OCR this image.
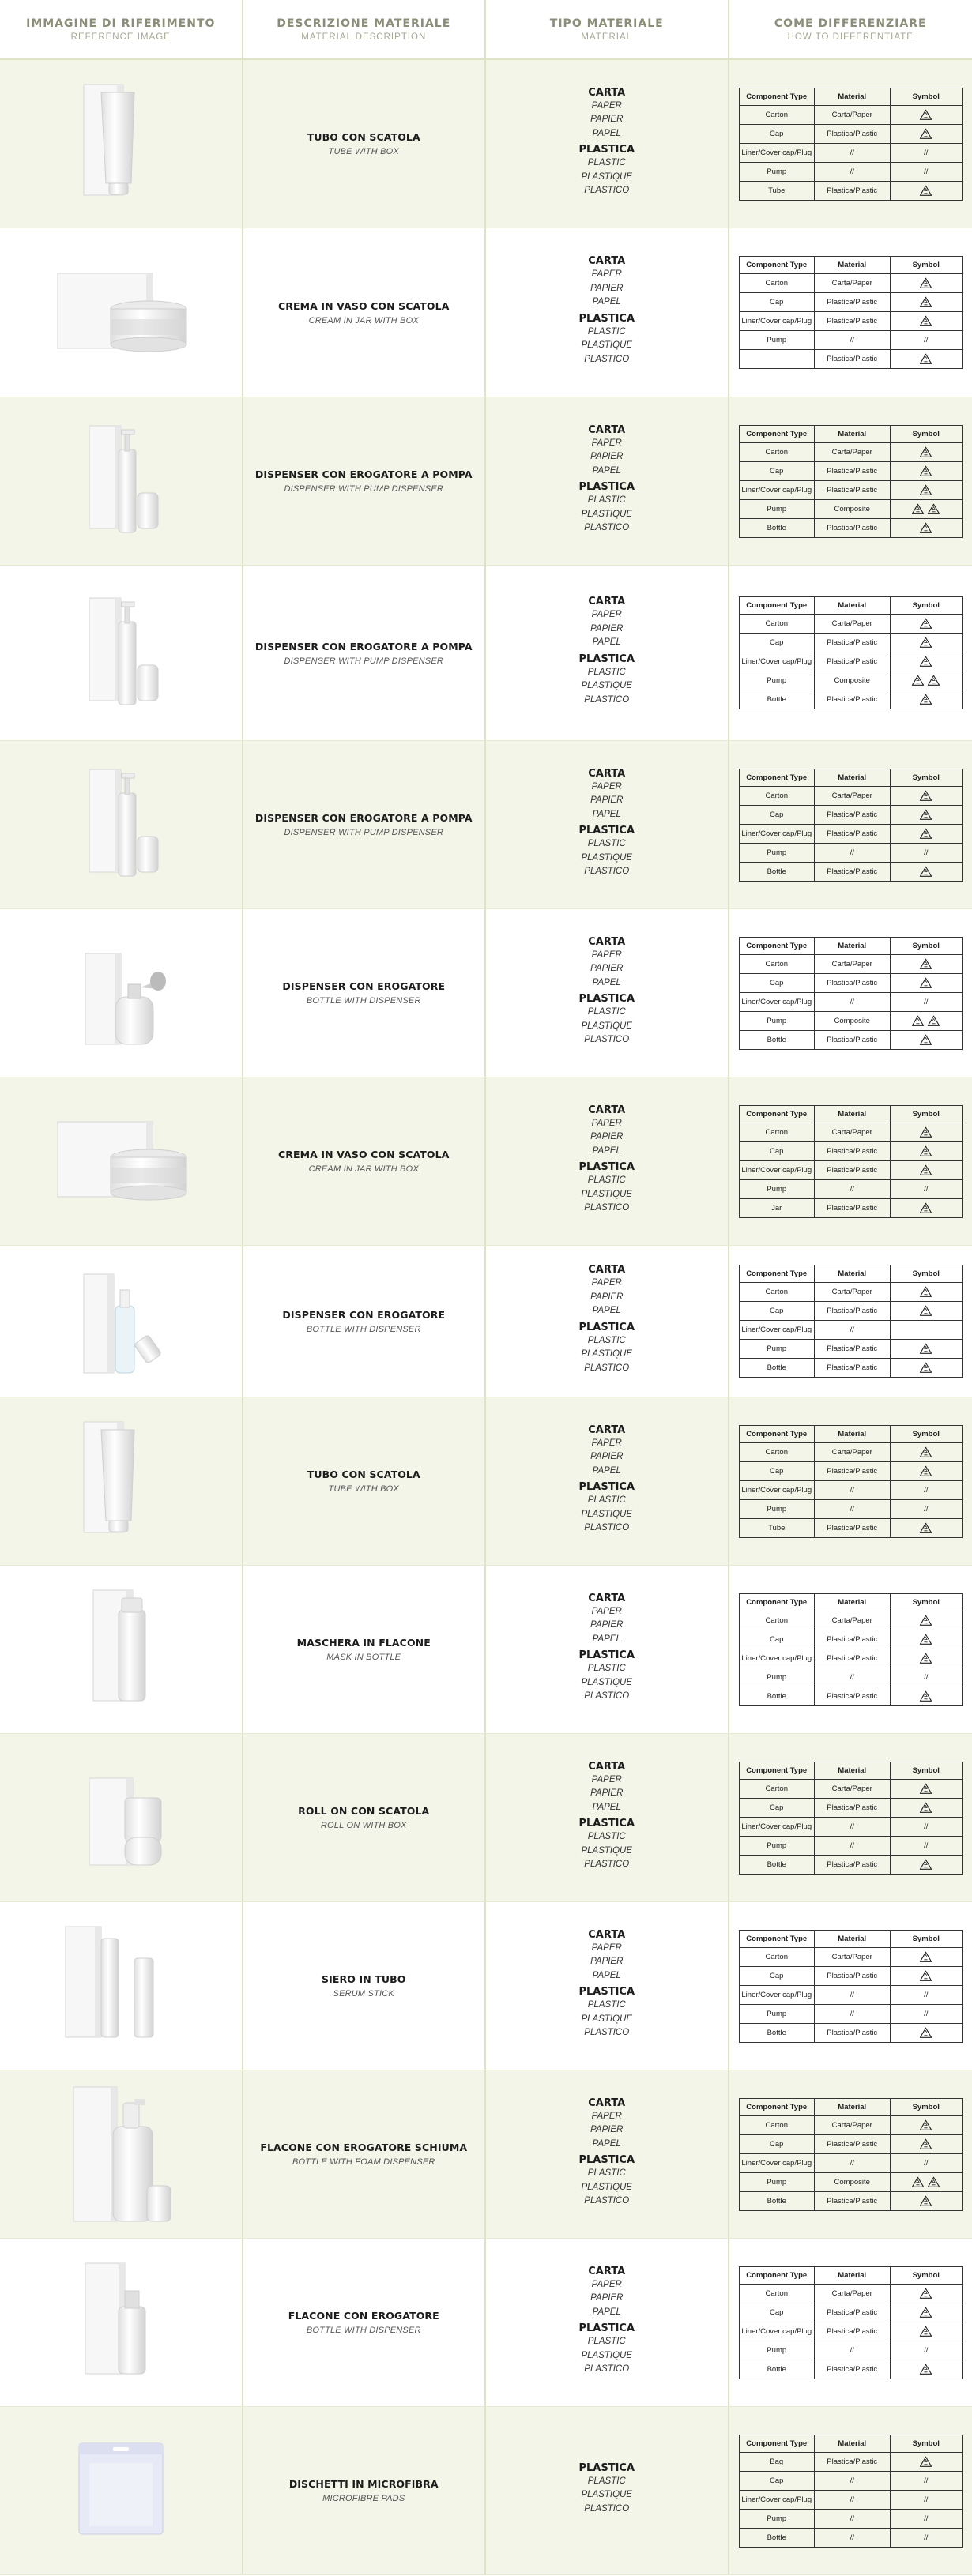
IMMAGINE DI RIFERIMENTO
REFERENCE IMAGE
DESCRIZIONE MATERIALE
MATERIAL DESCRIPTION
TIPO MATERIALE
MATERIAL
COME DIFFERENZIARE
HOW TO DIFFERENTIATE
TUBO CON SCATOLA
TUBE WITH BOX
CARTA
PAPER
PAPIER
PAPEL
PLASTICA
PLASTIC
PLASTIQUE
PLASTICO
Component Type	Material	Symbol
Carton	Carta/Paper	
Cap	Plastica/Plastic	
Liner/Cover cap/Plug	//	//
Pump	//	//
Tube	Plastica/Plastic	
CREMA IN VASO CON SCATOLA
CREAM IN JAR WITH BOX
CARTA
PAPER
PAPIER
PAPEL
PLASTICA
PLASTIC
PLASTIQUE
PLASTICO
Component Type	Material	Symbol
Carton	Carta/Paper	
Cap	Plastica/Plastic	
Liner/Cover cap/Plug	Plastica/Plastic	
Pump	//	//
	Plastica/Plastic	
DISPENSER CON EROGATORE A POMPA
DISPENSER WITH PUMP DISPENSER
CARTA
PAPER
PAPIER
PAPEL
PLASTICA
PLASTIC
PLASTIQUE
PLASTICO
Component Type	Material	Symbol
Carton	Carta/Paper	
Cap	Plastica/Plastic	
Liner/Cover cap/Plug	Plastica/Plastic	
Pump	Composite	
Bottle	Plastica/Plastic	
DISPENSER CON EROGATORE A POMPA
DISPENSER WITH PUMP DISPENSER
CARTA
PAPER
PAPIER
PAPEL
PLASTICA
PLASTIC
PLASTIQUE
PLASTICO
Component Type	Material	Symbol
Carton	Carta/Paper	
Cap	Plastica/Plastic	
Liner/Cover cap/Plug	Plastica/Plastic	
Pump	Composite	
Bottle	Plastica/Plastic	
DISPENSER CON EROGATORE A POMPA
DISPENSER WITH PUMP DISPENSER
CARTA
PAPER
PAPIER
PAPEL
PLASTICA
PLASTIC
PLASTIQUE
PLASTICO
Component Type	Material	Symbol
Carton	Carta/Paper	
Cap	Plastica/Plastic	
Liner/Cover cap/Plug	Plastica/Plastic	
Pump	//	//
Bottle	Plastica/Plastic	
DISPENSER CON EROGATORE
BOTTLE WITH DISPENSER
CARTA
PAPER
PAPIER
PAPEL
PLASTICA
PLASTIC
PLASTIQUE
PLASTICO
Component Type	Material	Symbol
Carton	Carta/Paper	
Cap	Plastica/Plastic	
Liner/Cover cap/Plug	//	//
Pump	Composite	
Bottle	Plastica/Plastic	
CREMA IN VASO CON SCATOLA
CREAM IN JAR WITH BOX
CARTA
PAPER
PAPIER
PAPEL
PLASTICA
PLASTIC
PLASTIQUE
PLASTICO
Component Type	Material	Symbol
Carton	Carta/Paper	
Cap	Plastica/Plastic	
Liner/Cover cap/Plug	Plastica/Plastic	
Pump	//	//
Jar	Plastica/Plastic	
DISPENSER CON EROGATORE
BOTTLE WITH DISPENSER
CARTA
PAPER
PAPIER
PAPEL
PLASTICA
PLASTIC
PLASTIQUE
PLASTICO
Component Type	Material	Symbol
Carton	Carta/Paper	
Cap	Plastica/Plastic	
Liner/Cover cap/Plug	//	
Pump	Plastica/Plastic	
Bottle	Plastica/Plastic	
TUBO CON SCATOLA
TUBE WITH BOX
CARTA
PAPER
PAPIER
PAPEL
PLASTICA
PLASTIC
PLASTIQUE
PLASTICO
Component Type	Material	Symbol
Carton	Carta/Paper	
Cap	Plastica/Plastic	
Liner/Cover cap/Plug	//	//
Pump	//	//
Tube	Plastica/Plastic	
MASCHERA IN FLACONE
MASK IN BOTTLE
CARTA
PAPER
PAPIER
PAPEL
PLASTICA
PLASTIC
PLASTIQUE
PLASTICO
Component Type	Material	Symbol
Carton	Carta/Paper	
Cap	Plastica/Plastic	
Liner/Cover cap/Plug	Plastica/Plastic	
Pump	//	//
Bottle	Plastica/Plastic	
ROLL ON CON SCATOLA
ROLL ON WITH BOX
CARTA
PAPER
PAPIER
PAPEL
PLASTICA
PLASTIC
PLASTIQUE
PLASTICO
Component Type	Material	Symbol
Carton	Carta/Paper	
Cap	Plastica/Plastic	
Liner/Cover cap/Plug	//	//
Pump	//	//
Bottle	Plastica/Plastic	
SIERO IN TUBO
SERUM STICK
CARTA
PAPER
PAPIER
PAPEL
PLASTICA
PLASTIC
PLASTIQUE
PLASTICO
Component Type	Material	Symbol
Carton	Carta/Paper	
Cap	Plastica/Plastic	
Liner/Cover cap/Plug	//	//
Pump	//	//
Bottle	Plastica/Plastic	
FLACONE CON EROGATORE SCHIUMA
BOTTLE WITH FOAM DISPENSER
CARTA
PAPER
PAPIER
PAPEL
PLASTICA
PLASTIC
PLASTIQUE
PLASTICO
Component Type	Material	Symbol
Carton	Carta/Paper	
Cap	Plastica/Plastic	
Liner/Cover cap/Plug	//	//
Pump	Composite	
Bottle	Plastica/Plastic	
FLACONE CON EROGATORE
BOTTLE WITH DISPENSER
CARTA
PAPER
PAPIER
PAPEL
PLASTICA
PLASTIC
PLASTIQUE
PLASTICO
Component Type	Material	Symbol
Carton	Carta/Paper	
Cap	Plastica/Plastic	
Liner/Cover cap/Plug	Plastica/Plastic	
Pump	//	//
Bottle	Plastica/Plastic	
DISCHETTI IN MICROFIBRA
MICROFIBRE PADS
PLASTICA
PLASTIC
PLASTIQUE
PLASTICO
Component Type	Material	Symbol
Bag	Plastica/Plastic	
Cap	//	//
Liner/Cover cap/Plug	//	//
Pump	//	//
Bottle	//	//
